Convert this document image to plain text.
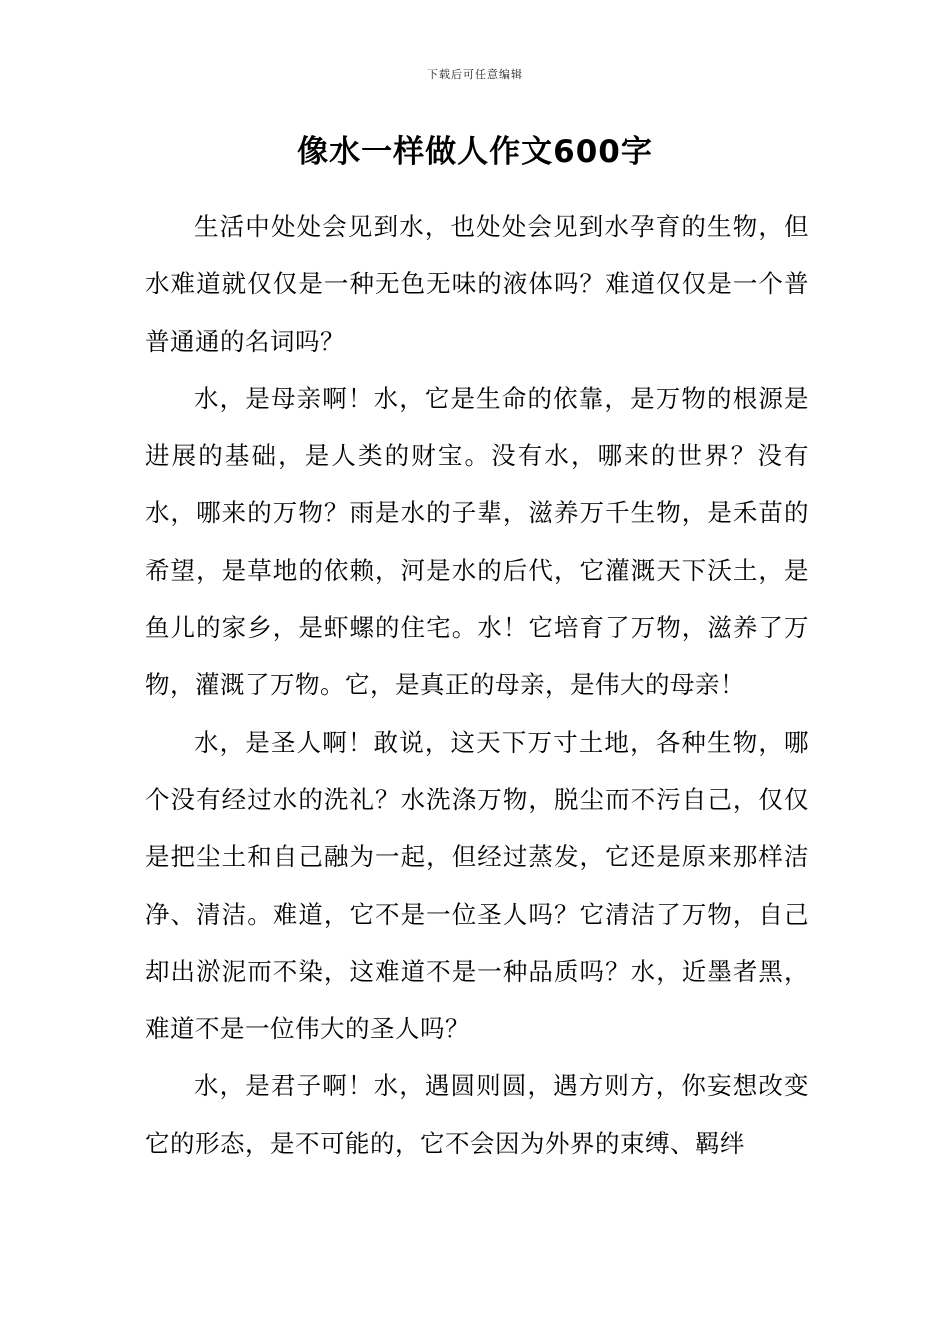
下载后可任意编辑
像水一样做人作文600字

生活中处处会见到水，也处处会见到水孕育的生物，但水难道就仅仅是一种无色无味的液体吗？难道仅仅是一个普普通通的名词吗？

水，是母亲啊！水，它是生命的依靠，是万物的根源是进展的基础，是人类的财宝。没有水，哪来的世界？没有水，哪来的万物？雨是水的子辈，滋养万千生物，是禾苗的希望，是草地的依赖，河是水的后代，它灌溉天下沃土，是鱼儿的家乡，是虾螺的住宅。水！它培育了万物，滋养了万物，灌溉了万物。它，是真正的母亲，是伟大的母亲！

水，是圣人啊！敢说，这天下万寸土地，各种生物，哪个没有经过水的洗礼？水洗涤万物，脱尘而不污自己，仅仅是把尘土和自己融为一起，但经过蒸发，它还是原来那样洁净、清洁。难道，它不是一位圣人吗？它清洁了万物，自己却出淤泥而不染，这难道不是一种品质吗？水，近墨者黑，难道不是一位伟大的圣人吗？

水，是君子啊！水，遇圆则圆，遇方则方，你妄想改变它的形态，是不可能的，它不会因为外界的束缚、羁绊
